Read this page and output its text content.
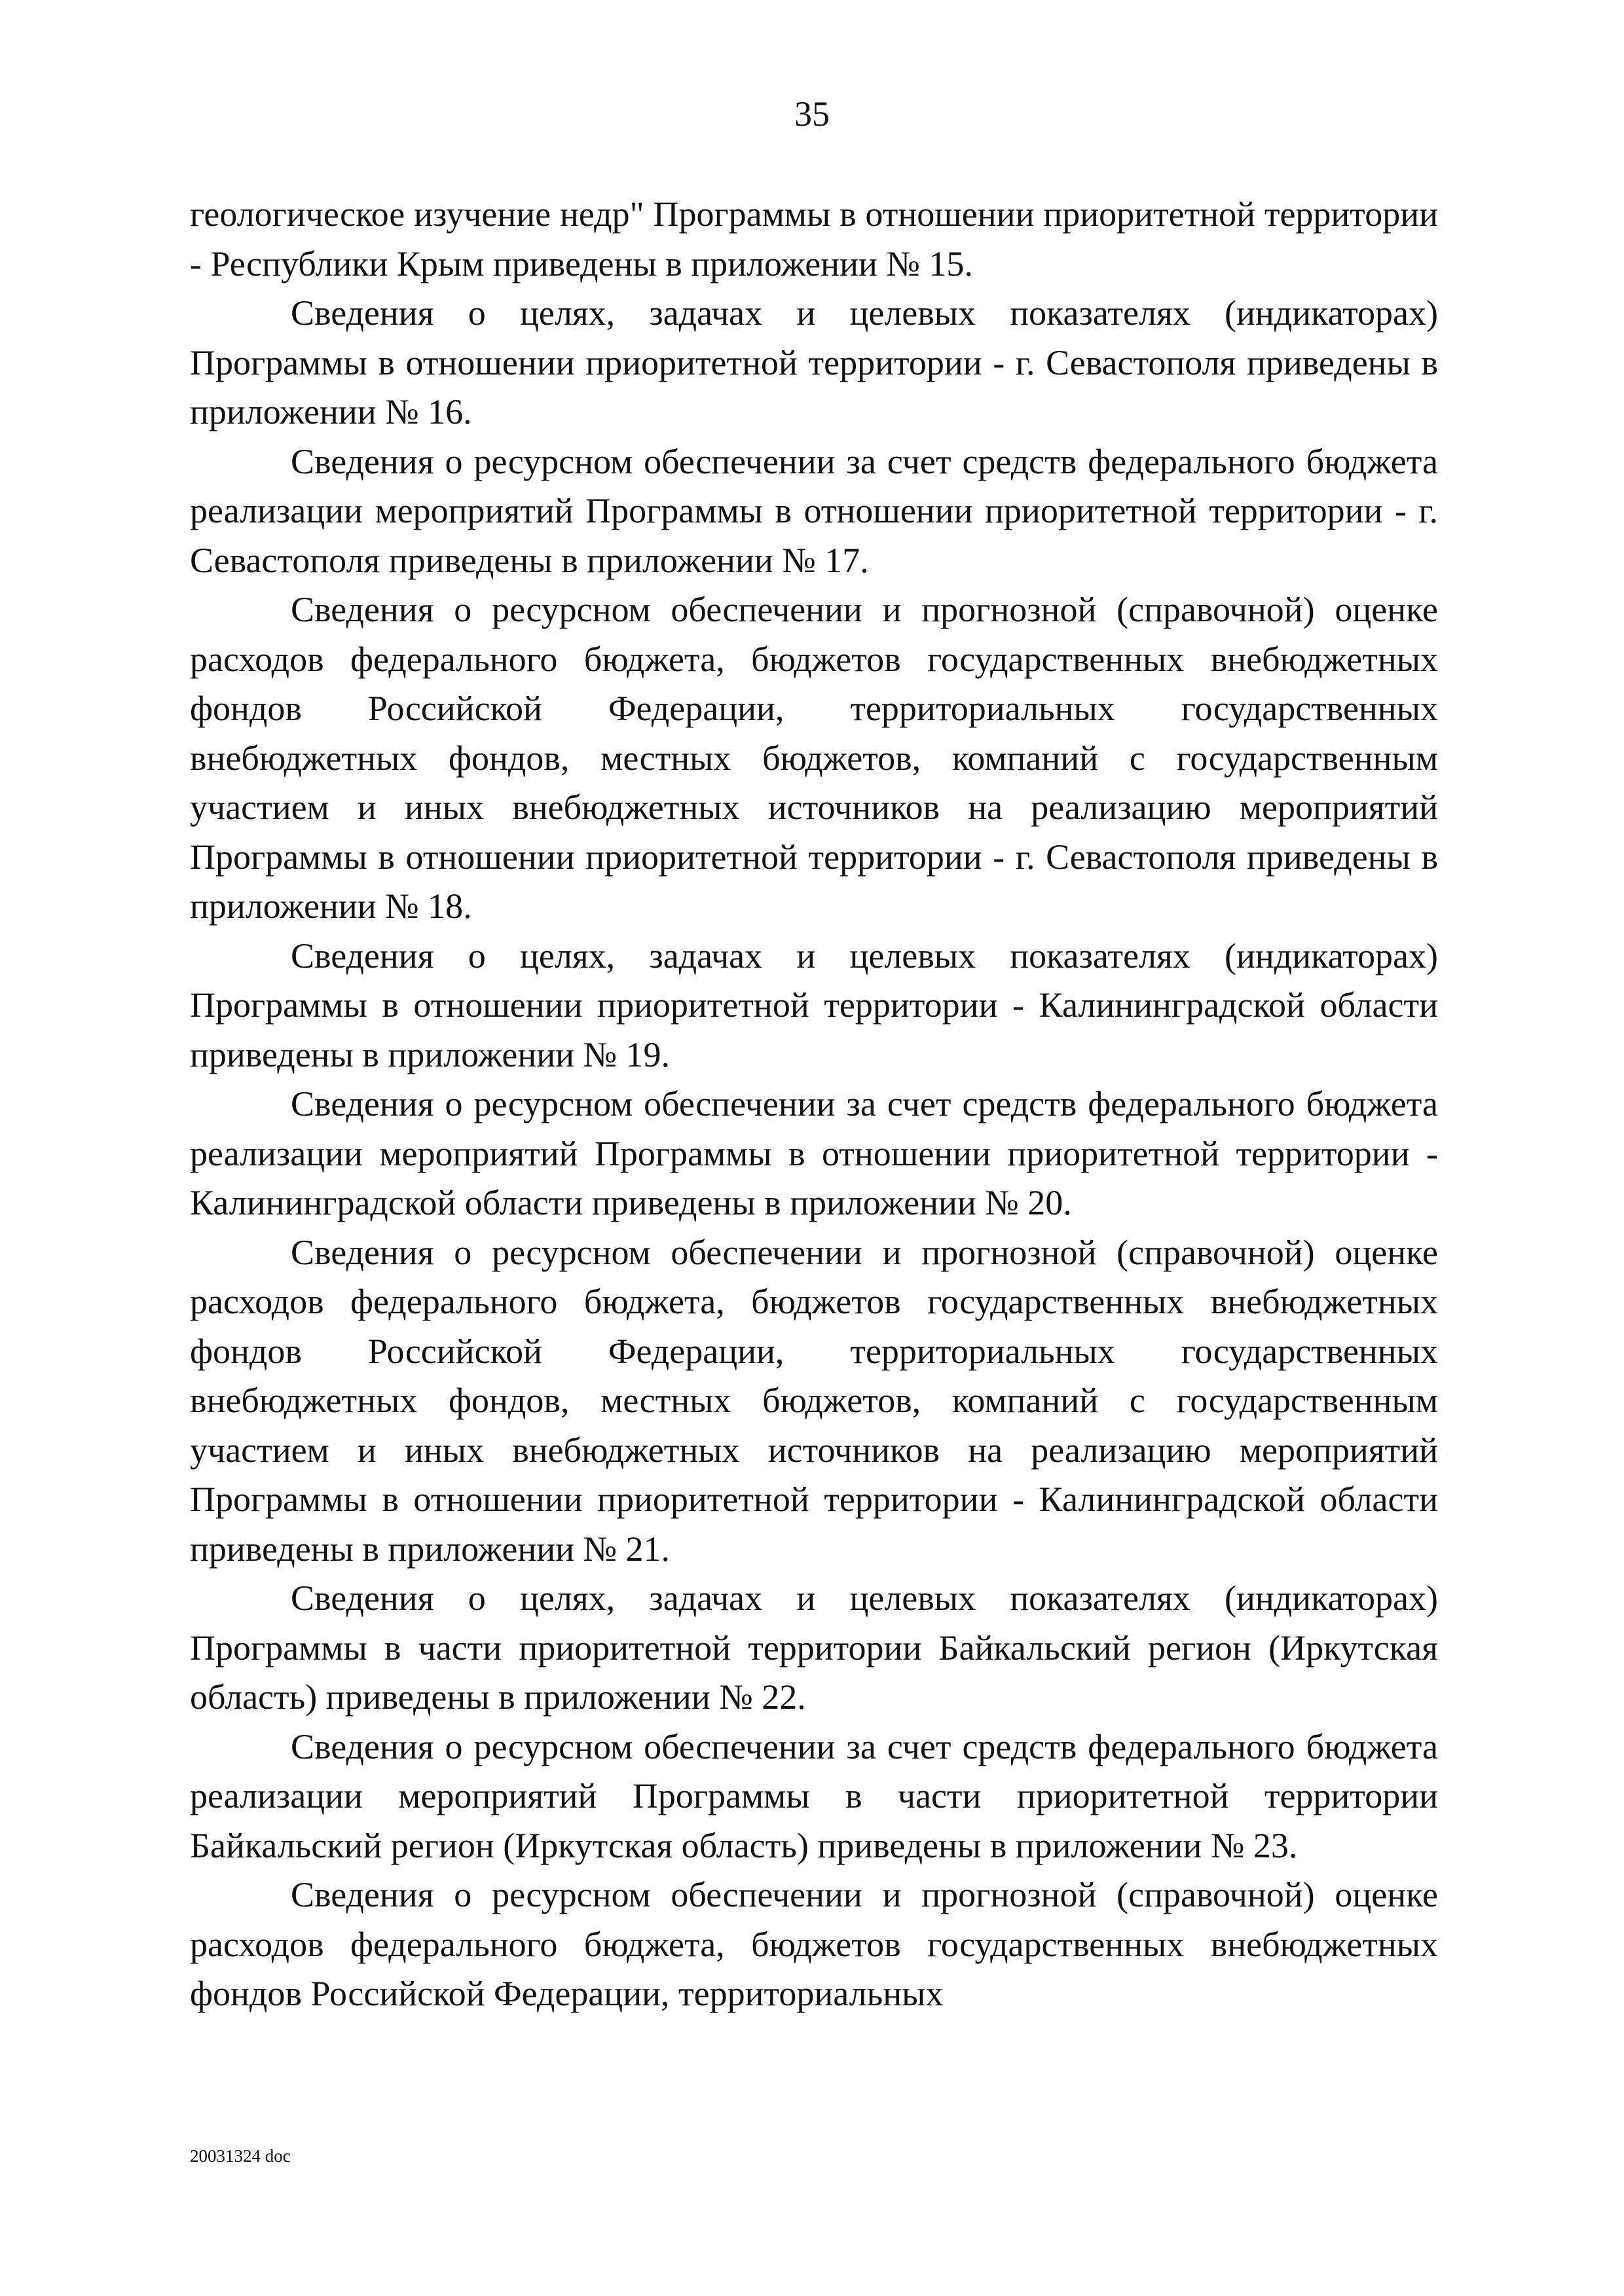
35

геологическое изучение недр" Программы в отношении приоритетной территории - Республики Крым приведены в приложении № 15.

Сведения о целях, задачах и целевых показателях (индикаторах) Программы в отношении приоритетной территории - г. Севастополя приведены в приложении № 16.

Сведения о ресурсном обеспечении за счет средств федерального бюджета реализации мероприятий Программы в отношении приоритетной территории - г. Севастополя приведены в приложении № 17.

Сведения о ресурсном обеспечении и прогнозной (справочной) оценке расходов федерального бюджета, бюджетов государственных внебюджетных фондов Российской Федерации, территориальных государственных внебюджетных фондов, местных бюджетов, компаний с государственным участием и иных внебюджетных источников на реализацию мероприятий Программы в отношении приоритетной территории - г. Севастополя приведены в приложении № 18.

Сведения о целях, задачах и целевых показателях (индикаторах) Программы в отношении приоритетной территории - Калининградской области приведены в приложении № 19.

Сведения о ресурсном обеспечении за счет средств федерального бюджета реализации мероприятий Программы в отношении приоритетной территории - Калининградской области приведены в приложении № 20.

Сведения о ресурсном обеспечении и прогнозной (справочной) оценке расходов федерального бюджета, бюджетов государственных внебюджетных фондов Российской Федерации, территориальных государственных внебюджетных фондов, местных бюджетов, компаний с государственным участием и иных внебюджетных источников на реализацию мероприятий Программы в отношении приоритетной территории - Калининградской области приведены в приложении № 21.

Сведения о целях, задачах и целевых показателях (индикаторах) Программы в части приоритетной территории Байкальский регион (Иркутская область) приведены в приложении № 22.

Сведения о ресурсном обеспечении за счет средств федерального бюджета реализации мероприятий Программы в части приоритетной территории Байкальский регион (Иркутская область) приведены в приложении № 23.

Сведения о ресурсном обеспечении и прогнозной (справочной) оценке расходов федерального бюджета, бюджетов государственных внебюджетных фондов Российской Федерации, территориальных

20031324 doc
